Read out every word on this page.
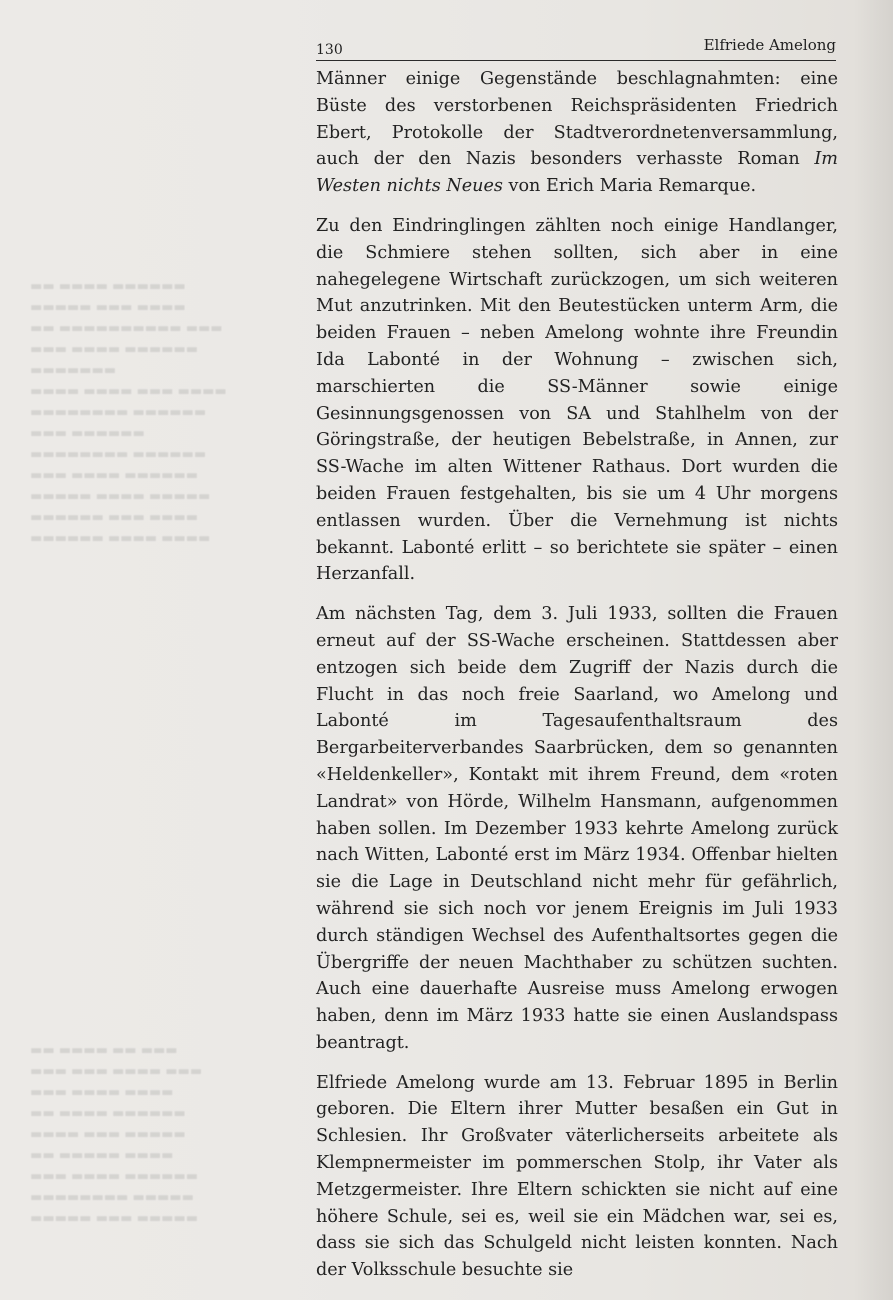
▬▬▬▬▬▬ ▬▬▬▬ ▬▬
▬▬▬▬ ▬▬▬ ▬▬▬▬▬
▬▬▬ ▬▬▬▬▬▬▬▬▬▬ ▬▬
▬▬▬▬▬▬ ▬▬▬▬ ▬▬▬
▬▬▬▬▬▬▬
▬▬▬▬ ▬▬▬ ▬▬▬▬ ▬▬▬▬
▬▬▬▬▬▬ ▬▬▬▬▬▬▬▬
▬▬▬▬▬▬ ▬▬▬
▬▬▬▬▬▬ ▬▬▬▬▬▬▬▬
▬▬▬▬▬▬ ▬▬▬▬ ▬▬▬
▬▬▬▬▬ ▬▬▬▬ ▬▬▬▬▬
▬▬▬▬ ▬▬▬ ▬▬▬▬▬▬
▬▬▬▬ ▬▬▬▬ ▬▬▬▬▬▬
▬▬▬ ▬▬ ▬▬▬▬ ▬▬
▬▬▬ ▬▬▬▬ ▬▬▬ ▬▬▬
▬▬▬▬ ▬▬▬▬ ▬▬▬
▬▬▬▬▬▬ ▬▬▬▬ ▬▬
▬▬▬▬▬ ▬▬▬ ▬▬▬▬
▬▬▬▬ ▬▬▬▬▬ ▬▬
▬▬▬▬▬▬ ▬▬▬▬ ▬▬▬
▬▬▬▬▬ ▬▬▬▬▬▬▬▬
▬▬▬▬▬ ▬▬▬ ▬▬▬▬▬
130	Elfriede Amelong

Männer einige Gegenstände beschlagnahmten: eine Büste des verstorbenen Reichspräsidenten Friedrich Ebert, Protokolle der Stadtverordnetenversammlung, auch der den Nazis besonders verhasste Roman Im Westen nichts Neues von Erich Maria Remarque.

Zu den Eindringlingen zählten noch einige Handlanger, die Schmiere stehen sollten, sich aber in eine nahegelegene Wirtschaft zurückzogen, um sich weiteren Mut anzutrinken. Mit den Beutestücken unterm Arm, die beiden Frauen – neben Amelong wohnte ihre Freundin Ida Labonté in der Wohnung – zwischen sich, marschierten die SS-Männer sowie einige Gesinnungsgenossen von SA und Stahlhelm von der Göringstraße, der heutigen Bebelstraße, in Annen, zur SS-Wache im alten Wittener Rathaus. Dort wurden die beiden Frauen festgehalten, bis sie um 4 Uhr morgens entlassen wurden. Über die Vernehmung ist nichts bekannt. Labonté erlitt – so berichtete sie später – einen Herzanfall.

Am nächsten Tag, dem 3. Juli 1933, sollten die Frauen erneut auf der SS-Wache erscheinen. Stattdessen aber entzogen sich beide dem Zugriff der Nazis durch die Flucht in das noch freie Saarland, wo Amelong und Labonté im Tagesaufenthaltsraum des Bergarbeiterverbandes Saarbrücken, dem so genannten «Heldenkeller», Kontakt mit ihrem Freund, dem «roten Landrat» von Hörde, Wilhelm Hansmann, aufgenommen haben sollen. Im Dezember 1933 kehrte Amelong zurück nach Witten, Labonté erst im März 1934. Offenbar hielten sie die Lage in Deutschland nicht mehr für gefährlich, während sie sich noch vor jenem Ereignis im Juli 1933 durch ständigen Wechsel des Aufenthaltsortes gegen die Übergriffe der neuen Machthaber zu schützen suchten. Auch eine dauerhafte Ausreise muss Amelong erwogen haben, denn im März 1933 hatte sie einen Auslandspass beantragt.

Elfriede Amelong wurde am 13. Februar 1895 in Berlin geboren. Die Eltern ihrer Mutter besaßen ein Gut in Schlesien. Ihr Großvater väterlicherseits arbeitete als Klempnermeister im pommerschen Stolp, ihr Vater als Metzgermeister. Ihre Eltern schickten sie nicht auf eine höhere Schule, sei es, weil sie ein Mädchen war, sei es, dass sie sich das Schulgeld nicht leisten konnten. Nach der Volksschule besuchte sie
